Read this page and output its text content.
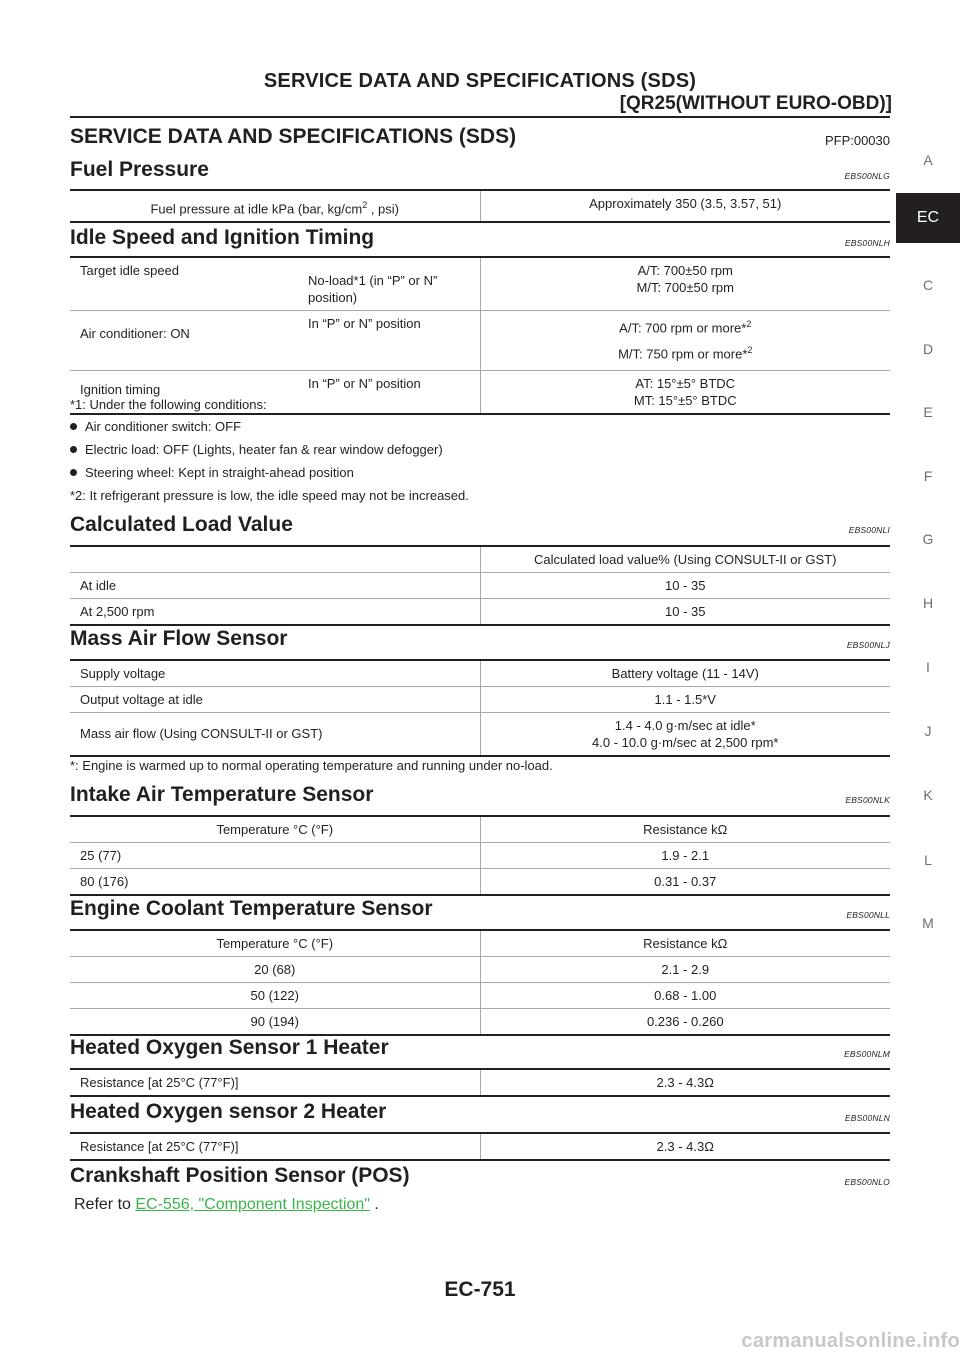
SERVICE DATA AND SPECIFICATIONS (SDS)
[QR25(WITHOUT EURO-OBD)]
A
EC
C
D
E
F
G
H
I
J
K
L
M
SERVICE DATA AND SPECIFICATIONS (SDS)	PFP:00030
Fuel Pressure	EBS00NLG
Fuel pressure at idle kPa (bar, $kg/cm^2$ , psi)	Approximately 350 (3.5, 3.57, 51)
Idle Speed and Ignition Timing	EBS00NLH
Target idle speed	No-load*1 (in “P” or N” position)	A/T: 700±50 rpm
M/T: 700±50 rpm

Air conditioner: ON	In “P” or N” position	A/T: 700 rpm or more*$^2$
M/T: 750 rpm or more*$^2$

Ignition timing	In “P” or N” position	AT: 15°±5° BTDC
MT: 15°±5° BTDC
*1: Under the following conditions:
Air conditioner switch: OFF
Electric load: OFF (Lights, heater fan & rear window defogger)
Steering wheel: Kept in straight-ahead position
*2: It refrigerant pressure is low, the idle speed may not be increased.
Calculated Load Value	EBS00NLI
	Calculated load value% (Using CONSULT-II or GST)
At idle	10 - 35
At 2,500 rpm	10 - 35
Mass Air Flow Sensor	EBS00NLJ
Supply voltage	Battery voltage (11 - 14V)
Output voltage at idle	1.1 - 1.5*V
Mass air flow (Using CONSULT-II or GST)	1.4 - 4.0 g·m/sec at idle*
4.0 - 10.0 g·m/sec at 2,500 rpm*
*: Engine is warmed up to normal operating temperature and running under no-load.
Intake Air Temperature Sensor	EBS00NLK
Temperature °C (°F)	Resistance kΩ
25 (77)	1.9 - 2.1
80 (176)	0.31 - 0.37
Engine Coolant Temperature Sensor	EBS00NLL
Temperature °C (°F)	Resistance kΩ
20 (68)	2.1 - 2.9
50 (122)	0.68 - 1.00
90 (194)	0.236 - 0.260
Heated Oxygen Sensor 1 Heater	EBS00NLM
Resistance [at 25°C (77°F)]	2.3 - 4.3Ω
Heated Oxygen sensor 2 Heater	EBS00NLN
Resistance [at 25°C (77°F)]	2.3 - 4.3Ω
Crankshaft Position Sensor (POS)	EBS00NLO
Refer to EC-556, "Component Inspection" .
EC-751
carmanualsonline.info
